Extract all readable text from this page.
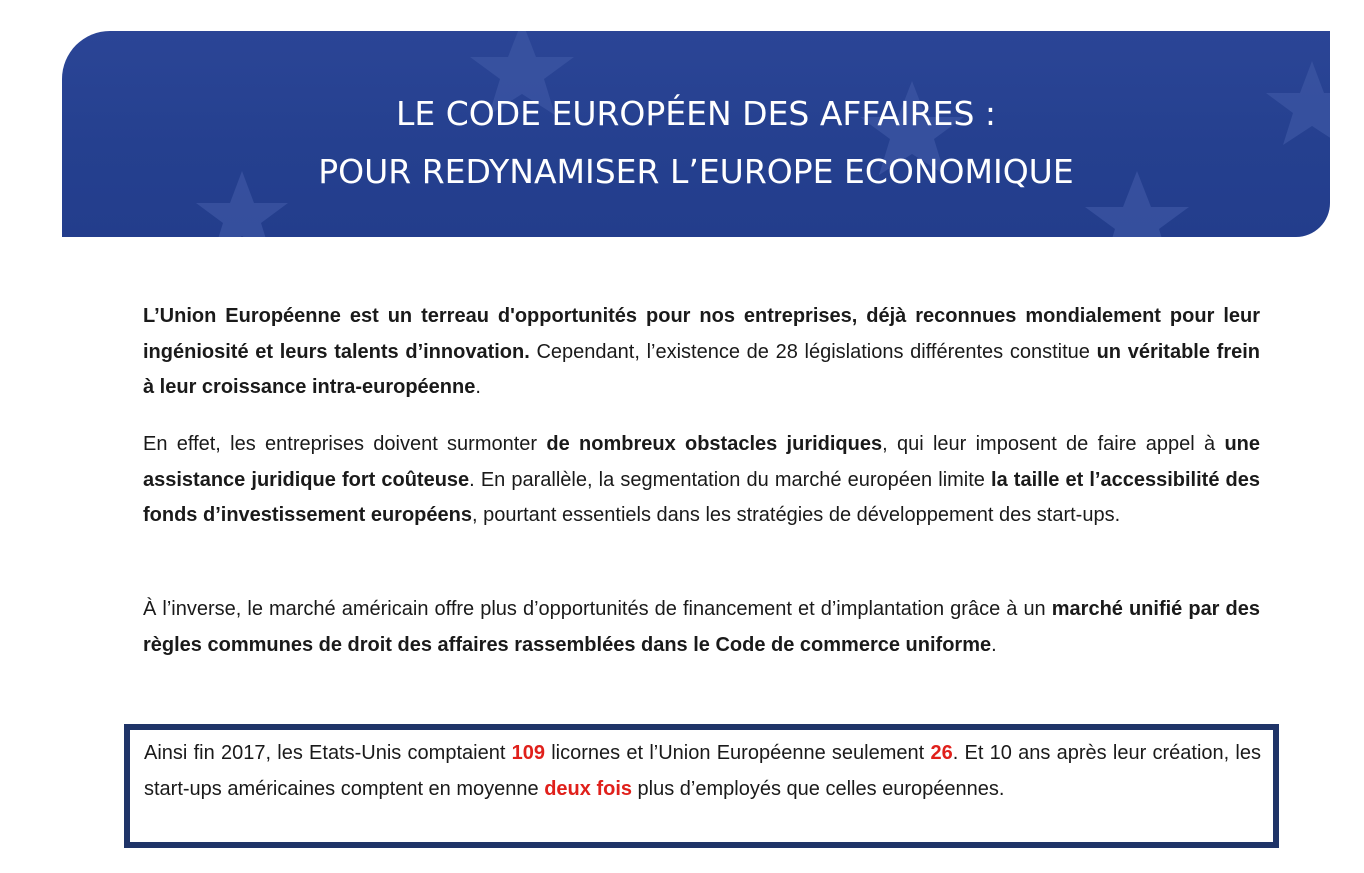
LE CODE EUROPÉEN DES AFFAIRES :
POUR REDYNAMISER L’EUROPE ECONOMIQUE

L’Union Européenne est un terreau d'opportunités pour nos entreprises, déjà reconnues mondialement pour leur ingéniosité et leurs talents d’innovation. Cependant, l’existence de 28 législations différentes constitue un véritable frein à leur croissance intra-européenne.

En effet, les entreprises doivent surmonter de nombreux obstacles juridiques, qui leur imposent de faire appel à une assistance juridique fort coûteuse. En parallèle, la segmentation du marché européen limite la taille et l’accessibilité des fonds d’investissement européens, pourtant essentiels dans les stratégies de développement des start-ups.

À l’inverse, le marché américain offre plus d’opportunités de financement et d’implantation grâce à un marché unifié par des règles communes de droit des affaires rassemblées dans le Code de commerce uniforme.

Ainsi fin 2017, les Etats-Unis comptaient 109 licornes et l’Union Européenne seulement 26. Et 10 ans après leur création, les start-ups américaines comptent en moyenne deux fois plus d’employés que celles européennes.
